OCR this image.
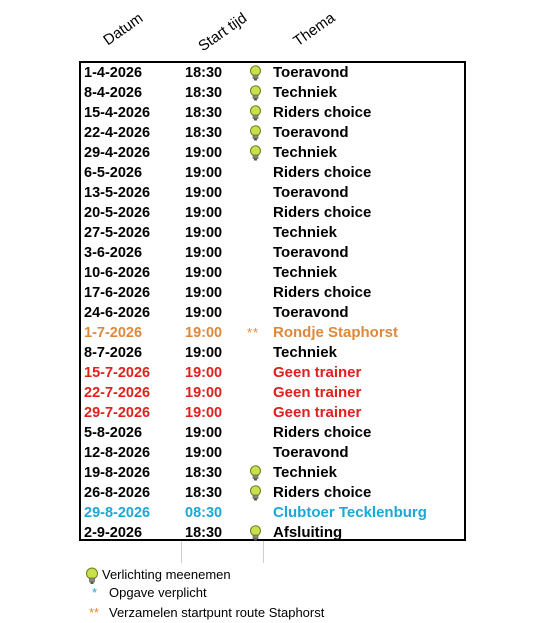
Datum	Start tijd	Thema
1-4-2026	18:30	Toeravond
8-4-2026	18:30	Techniek
15-4-2026 18:30	Riders choice
22-4-2026 18:30	Toeravond
29-4-2026 19:00	Techniek
6-5-2026	19:00	Riders choice
13-5-2026 19:00	Toeravond
20-5-2026 19:00	Riders choice
27-5-2026 19:00	Techniek
3-6-2026	19:00	Toeravond
10-6-2026 19:00	Techniek
17-6-2026 19:00	Riders choice
24-6-2026 19:00	Toeravond
1-7-2026	19:00 ** Rondje Staphorst
8-7-2026	19:00	Techniek
15-7-2026 19:00	Geen trainer
22-7-2026 19:00	Geen trainer
29-7-2026 19:00	Geen trainer
5-8-2026	19:00	Riders choice
12-8-2026 19:00	Toeravond
19-8-2026 18:30	Techniek
26-8-2026 18:30	Riders choice
29-8-2026 08:30	Clubtoer Tecklenburg
2-9-2026	18:30	Afsluiting
Verlichting meenemen
* Opgave verplicht
** Verzamelen startpunt route Staphorst
